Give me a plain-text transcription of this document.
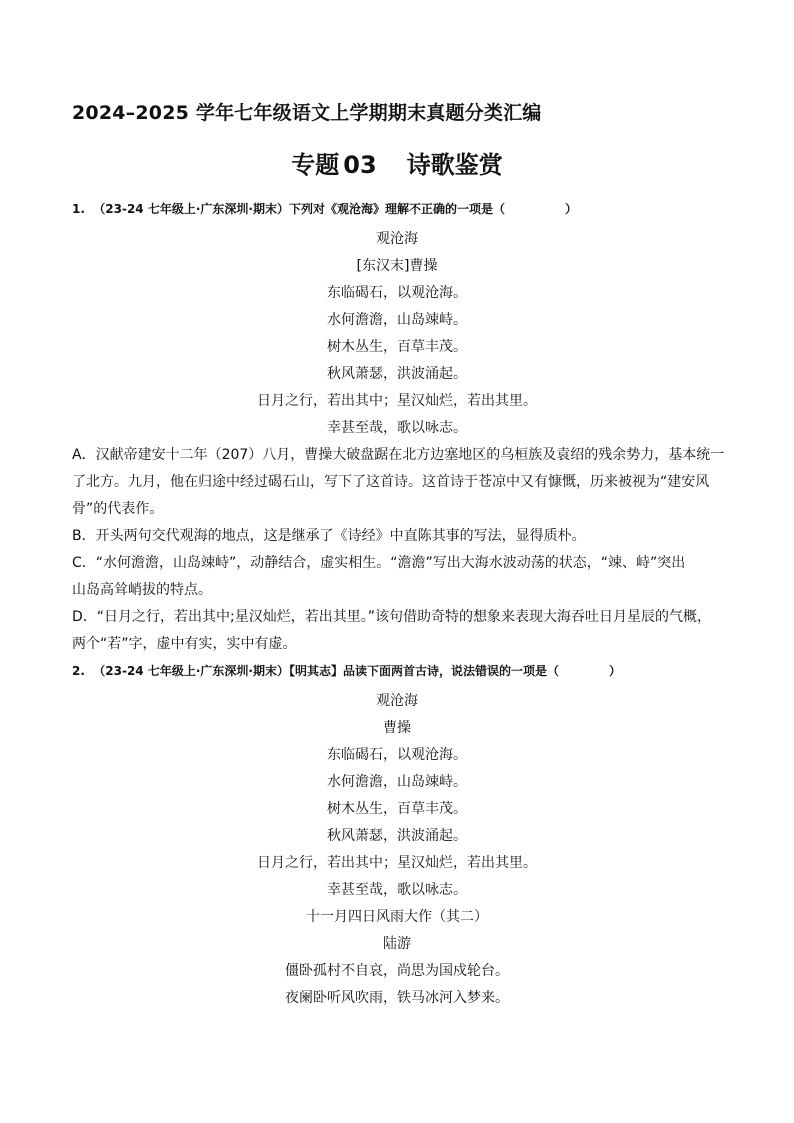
2024–2025 学年七年级语文上学期期末真题分类汇编
专题 03 诗歌鉴赏
1. （23-24 七年级上·广东深圳·期末）下列对《观沧海》理解不正确的一项是（	）
观沧海
[东汉末]曹操
东临碣石，以观沧海。
水何澹澹，山岛竦峙。
树木丛生，百草丰茂。
秋风萧瑟，洪波涌起。
日月之行，若出其中；星汉灿烂，若出其里。
幸甚至哉，歌以咏志。
A．汉献帝建安十二年（207）八月，曹操大破盘踞在北方边塞地区的乌桓族及袁绍的残余势力，基本统一
了北方。九月，他在归途中经过碣石山，写下了这首诗。这首诗于苍凉中又有慷慨，历来被视为“建安风
骨”的代表作。
B．开头两句交代观海的地点，这是继承了《诗经》中直陈其事的写法，显得质朴。
C．“水何澹澹，山岛竦峙”，动静结合，虚实相生。“澹澹”写出大海水波动荡的状态，“竦、峙”突出
山岛高耸峭拔的特点。
D．“日月之行，若出其中;星汉灿烂，若出其里。”该句借助奇特的想象来表现大海吞吐日月星辰的气概，
两个“若”字，虚中有实，实中有虚。
2. （23-24 七年级上·广东深圳·期末）【明其志】品读下面两首古诗，说法错误的一项是（	）
观沧海
曹操
东临碣石，以观沧海。
水何澹澹，山岛竦峙。
树木丛生，百草丰茂。
秋风萧瑟，洪波涌起。
日月之行，若出其中；星汉灿烂，若出其里。
幸甚至哉，歌以咏志。
十一月四日风雨大作（其二）
陆游
僵卧孤村不自哀，尚思为国戍轮台。
夜阑卧听风吹雨，铁马冰河入梦来。
